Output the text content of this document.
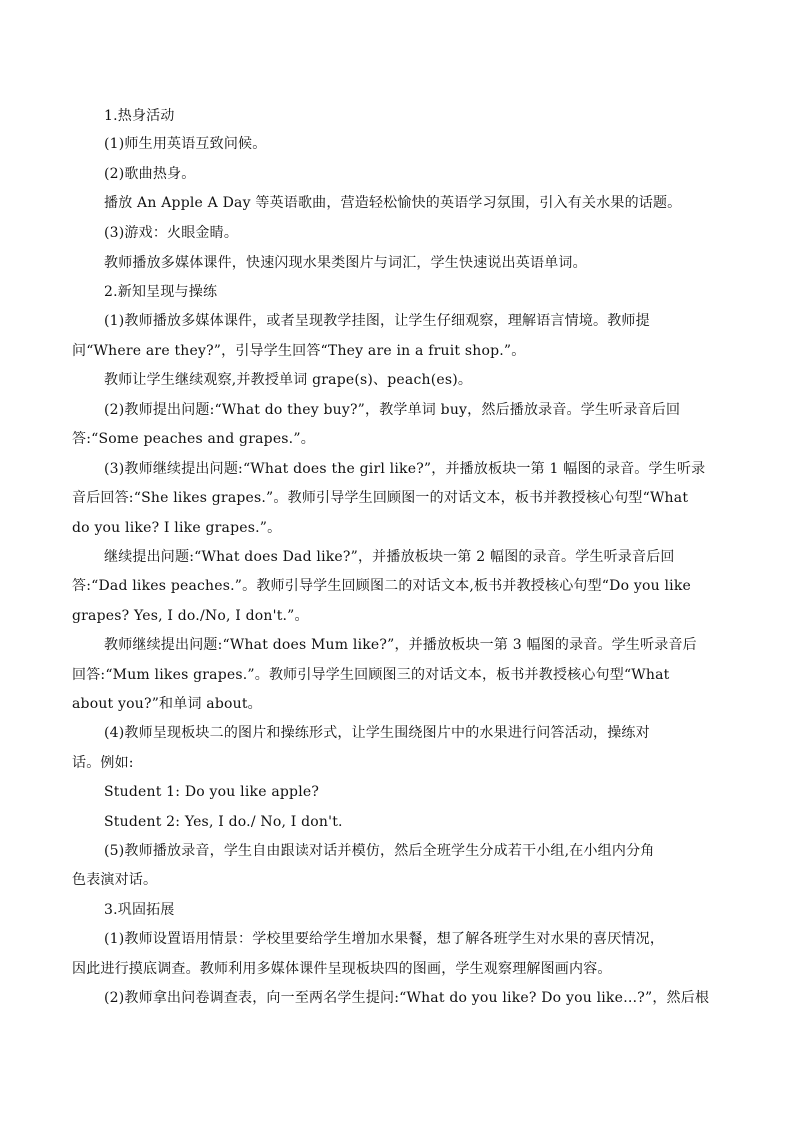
1.热身活动
(1)师生用英语互致问候。
(2)歌曲热身。
播放 An Apple A Day 等英语歌曲，营造轻松愉快的英语学习氛围，引入有关水果的话题。
(3)游戏：火眼金睛。
教师播放多媒体课件，快速闪现水果类图片与词汇，学生快速说出英语单词。
2.新知呈现与操练
(1)教师播放多媒体课件，或者呈现教学挂图，让学生仔细观察，理解语言情境。教师提
问“Where are they?”，引导学生回答“They are in a fruit shop.”。
教师让学生继续观察,并教授单词 grape(s)、peach(es)。
(2)教师提出问题:“What do they buy?”，教学单词 buy，然后播放录音。学生听录音后回
答:“Some peaches and grapes.”。
(3)教师继续提出问题:“What does the girl like?”，并播放板块一第 1 幅图的录音。学生听录
音后回答:“She likes grapes.”。教师引导学生回顾图一的对话文本，板书并教授核心句型“What
do you like? I like grapes.”。
继续提出问题:“What does Dad like?”，并播放板块一第 2 幅图的录音。学生听录音后回
答:“Dad likes peaches.”。教师引导学生回顾图二的对话文本,板书并教授核心句型“Do you like
grapes? Yes, I do./No, I don't.”。
教师继续提出问题:“What does Mum like?”，并播放板块一第 3 幅图的录音。学生听录音后
回答:“Mum likes grapes.”。教师引导学生回顾图三的对话文本，板书并教授核心句型“What
about you?”和单词 about。
(4)教师呈现板块二的图片和操练形式，让学生围绕图片中的水果进行问答活动，操练对
话。例如:
Student 1: Do you like apple?
Student 2: Yes, I do./ No, I don't.
(5)教师播放录音，学生自由跟读对话并模仿，然后全班学生分成若干小组,在小组内分角
色表演对话。
3.巩固拓展
(1)教师设置语用情景：学校里要给学生增加水果餐，想了解各班学生对水果的喜厌情况，
因此进行摸底调查。教师利用多媒体课件呈现板块四的图画，学生观察理解图画内容。
(2)教师拿出问卷调查表，向一至两名学生提问:“What do you like? Do you like…?”，然后根
